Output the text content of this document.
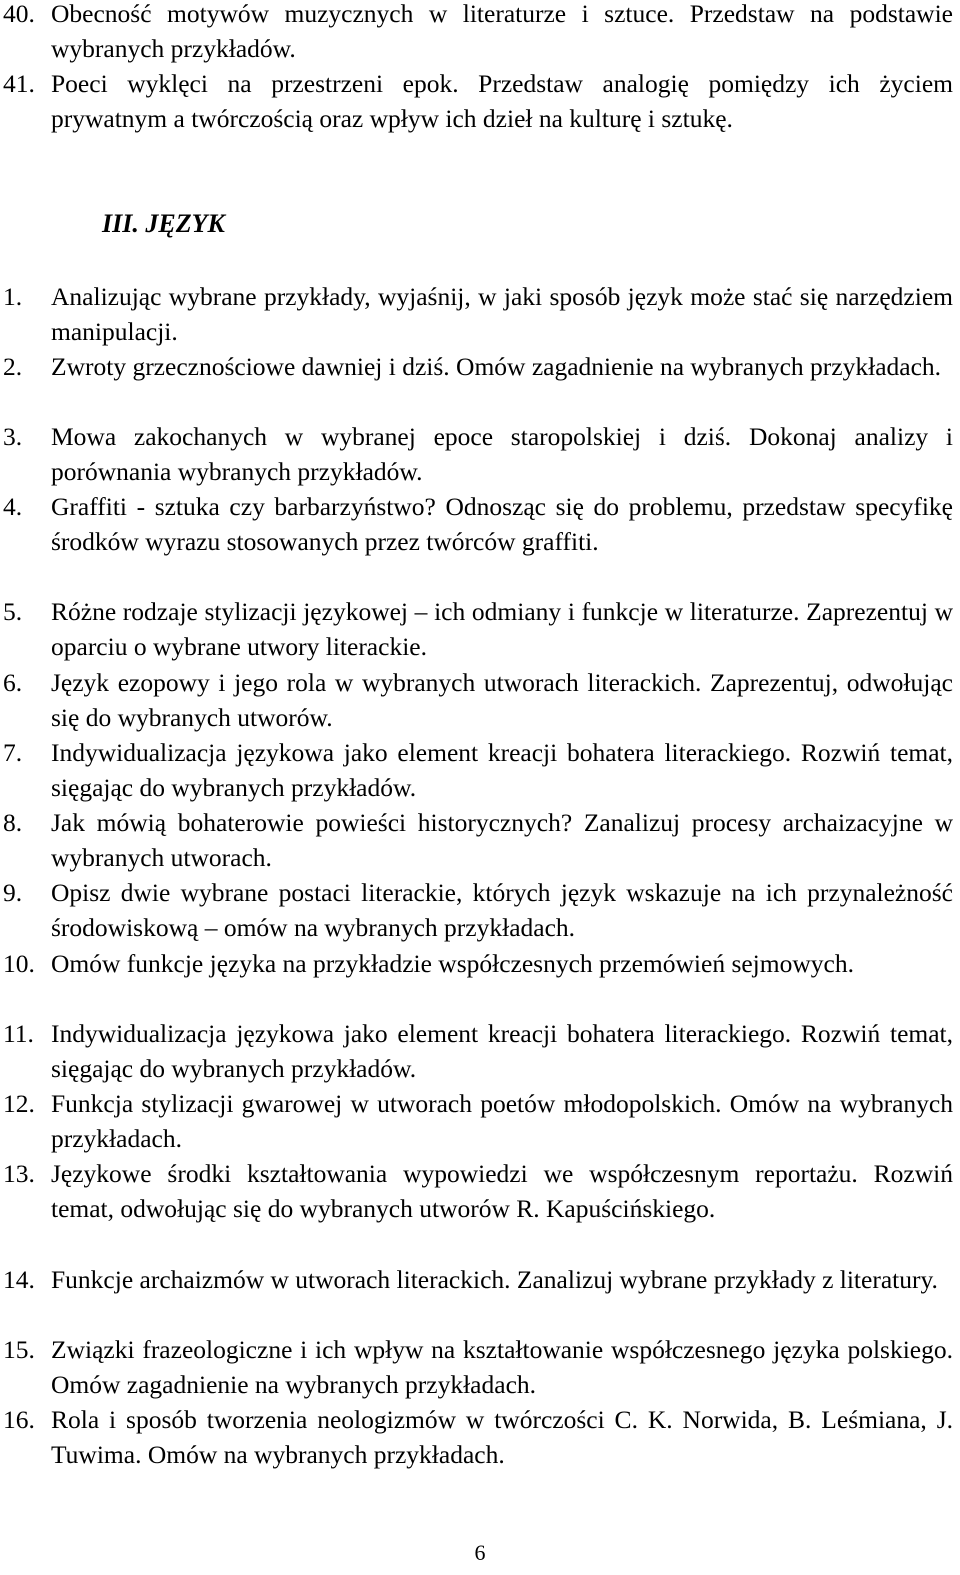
40. Obecność motywów muzycznych w literaturze i sztuce. Przedstaw na podstawie wybranych przykładów.
41. Poeci wyklęci na przestrzeni epok. Przedstaw analogię pomiędzy ich życiem prywatnym a twórczością oraz wpływ ich dzieł na kulturę i sztukę.
III. JĘZYK
1. Analizując wybrane przykłady, wyjaśnij, w jaki sposób język może stać się narzędziem manipulacji.
2. Zwroty grzecznościowe dawniej i dziś. Omów zagadnienie na wybranych przykładach.
3. Mowa zakochanych w wybranej epoce staropolskiej i dziś. Dokonaj analizy i porównania wybranych przykładów.
4. Graffiti - sztuka czy barbarzyństwo? Odnosząc się do problemu, przedstaw specyfikę środków wyrazu stosowanych przez twórców graffiti.
5. Różne rodzaje stylizacji językowej – ich odmiany i funkcje w literaturze. Zaprezentuj w oparciu o wybrane utwory literackie.
6. Język ezopowy i jego rola w wybranych utworach literackich. Zaprezentuj, odwołując się do wybranych utworów.
7. Indywidualizacja językowa jako element kreacji bohatera literackiego. Rozwiń temat, sięgając do wybranych przykładów.
8. Jak mówią bohaterowie powieści historycznych? Zanalizuj procesy archaizacyjne w wybranych utworach.
9. Opisz dwie wybrane postaci literackie, których język wskazuje na ich przynależność środowiskową – omów na wybranych przykładach.
10. Omów funkcje języka na przykładzie współczesnych przemówień sejmowych.
11. Indywidualizacja językowa jako element kreacji bohatera literackiego. Rozwiń temat, sięgając do wybranych przykładów.
12. Funkcja stylizacji gwarowej w utworach poetów młodopolskich. Omów na wybranych przykładach.
13. Językowe środki kształtowania wypowiedzi we współczesnym reportażu. Rozwiń temat, odwołując się do wybranych utworów R. Kapuścińskiego.
14. Funkcje archaizmów w utworach literackich. Zanalizuj wybrane przykłady z literatury.
15. Związki frazeologiczne i ich wpływ na kształtowanie współczesnego języka polskiego. Omów zagadnienie na wybranych przykładach.
16. Rola i sposób tworzenia neologizmów w twórczości C. K. Norwida, B. Leśmiana, J. Tuwima. Omów na wybranych przykładach.
6
